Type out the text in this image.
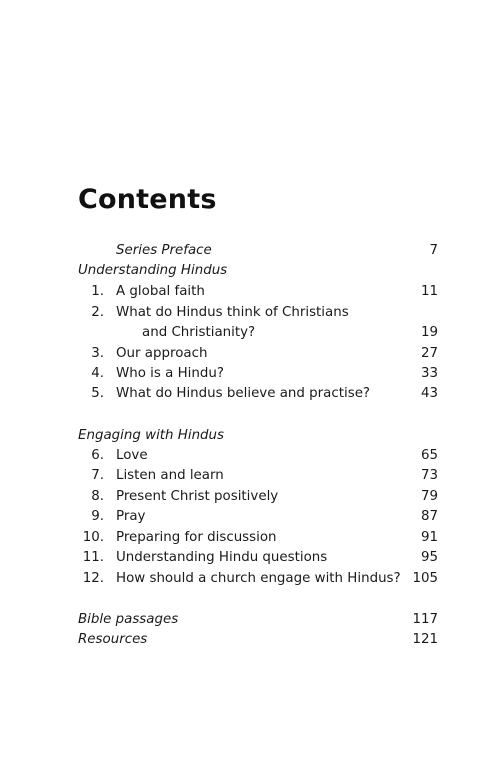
Contents
Series Preface	7
Understanding Hindus
1. A global faith	11
2. What do Hindus think of Christians
and Christianity?	19
3. Our approach	27
4. Who is a Hindu?	33
5. What do Hindus believe and practise?	43
Engaging with Hindus
6. Love	65
7. Listen and learn	73
8. Present Christ positively	79
9. Pray	87
10. Preparing for discussion	91
11. Understanding Hindu questions	95
12. How should a church engage with Hindus? 105
Bible passages	117
Resources	121
